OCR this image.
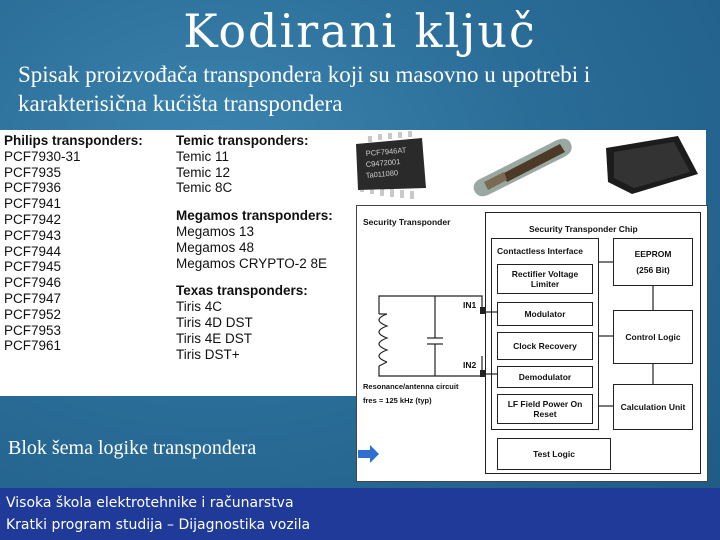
Kodirani ključ
Spisak proizvođača transpondera koji su masovno u upotrebi i karakterisična kućišta transpondera
Philips transponders:
PCF7930-31
PCF7935
PCF7936
PCF7941
PCF7942
PCF7943
PCF7944
PCF7945
PCF7946
PCF7947
PCF7952
PCF7953
PCF7961
Temic transponders:
Temic 11
Temic 12
Temic 8C
Megamos transponders:
Megamos 13
Megamos 48
Megamos CRYPTO-2 8E
Texas transponders:
Tiris 4C
Tiris 4D DST
Tiris 4E DST
Tiris DST+
PCF7946AT
C9472001
Ta011080
Security Transponder
Security Transponder Chip
Contactless Interface
Rectifier Voltage Limiter
Modulator
Clock Recovery
Demodulator
LF Field Power On Reset
EEPROM
(256 Bit)
Control Logic
Calculation Unit
Test Logic
IN1
IN2
Resonance/antenna circuit
fres = 125 kHz (typ)
Blok šema logike transpondera
Visoka škola elektrotehnike i računarstva
Kratki program studija – Dijagnostika vozila
